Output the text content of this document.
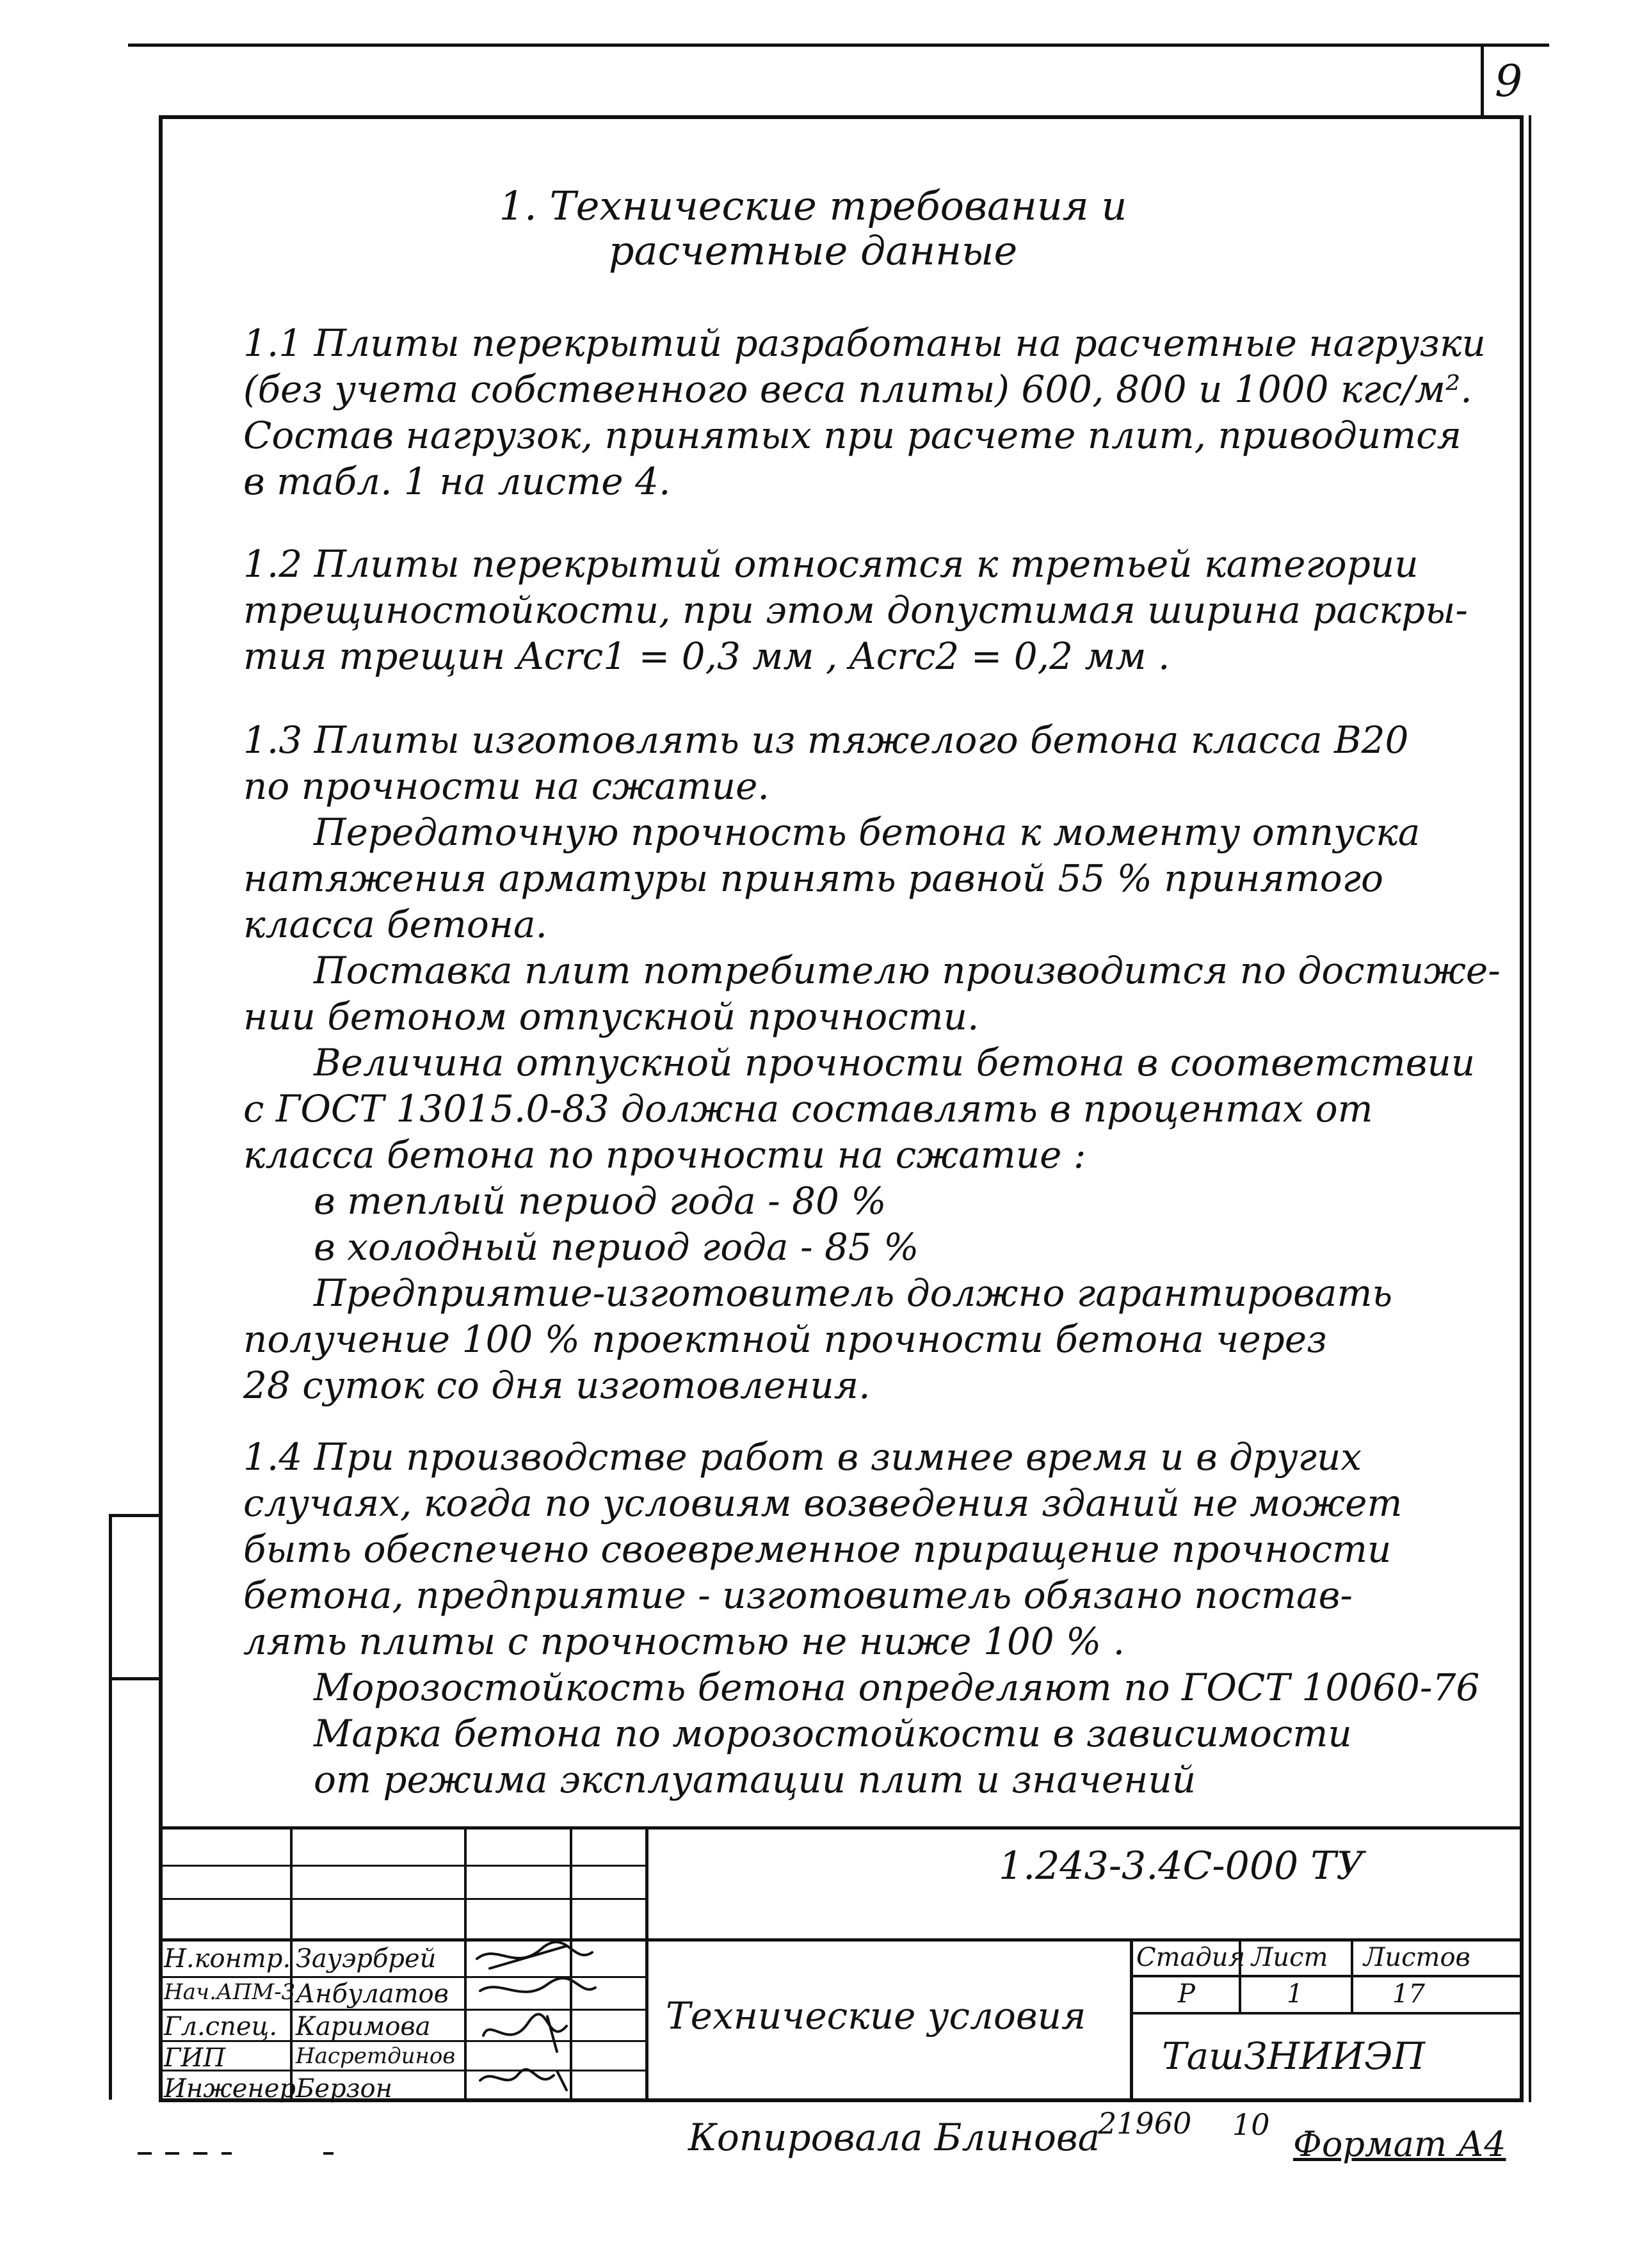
9
1. Технические требования и
расчетные данные
1.1 Плиты перекрытий разработаны на расчетные нагрузки
(без учета собственного веса плиты) 600, 800 и 1000 кгс/м².
Состав нагрузок, принятых при расчете плит, приводится
в табл. 1 на листе 4.
1.2 Плиты перекрытий относятся к третьей категории
трещиностойкости, при этом допустимая ширина раскры-
тия трещин Acrc1 = 0,3 мм , Acrc2 = 0,2 мм .
1.3 Плиты изготовлять из тяжелого бетона класса В20
по прочности на сжатие.
Передаточную прочность бетона к моменту отпуска
натяжения арматуры принять равной 55 % принятого
класса бетона.
Поставка плит потребителю производится по достиже-
нии бетоном отпускной прочности.
Величина отпускной прочности бетона в соответствии
с ГОСТ 13015.0-83 должна составлять в процентах от
класса бетона по прочности на сжатие :
в теплый период года - 80 %
в холодный период года - 85 %
Предприятие-изготовитель должно гарантировать
получение 100 % проектной прочности бетона через
28 суток со дня изготовления.
1.4 При производстве работ в зимнее время и в других
случаях, когда по условиям возведения зданий не может
быть обеспечено своевременное приращение прочности
бетона, предприятие - изготовитель обязано постав-
лять плиты с прочностью не ниже 100 % .
Морозостойкость бетона определяют по ГОСТ 10060-76
Марка бетона по морозостойкости в зависимости
от режима эксплуатации плит и значений
1.243-3.4С-000 ТУ
Технические условия
Стадия Лист Листов
Р	1	17
ТашЗНИИЭП
Н.контр. Зауэрбрей
Нач.АПМ-3 Анбулатов
Гл.спец. Каримова
ГИП	Насретдинов
Инженер Берзон
Копировала Блинова
21960 10 Формат А4
